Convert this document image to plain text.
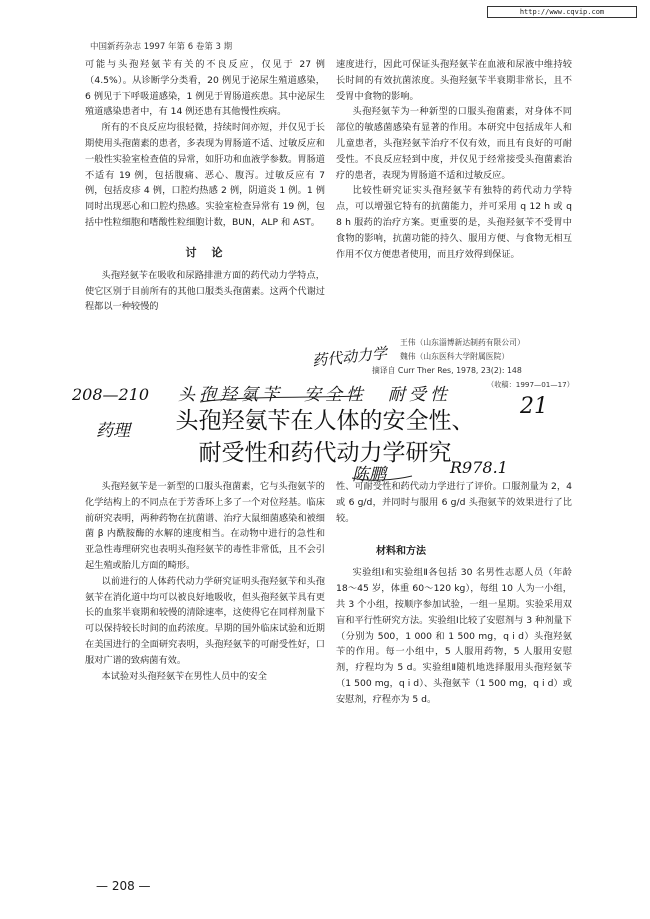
http://www.cqvip.com
中国新药杂志 1997 年第 6 卷第 3 期

可能与头孢羟氨苄有关的不良反应，仅见于 27 例（4.5%）。从诊断学分类看，20 例见于泌尿生殖道感染，6 例见于下呼吸道感染，1 例见于胃肠道疾患。其中泌尿生殖道感染患者中，有 14 例还患有其他慢性疾病。

所有的不良反应均很轻微，持续时间亦短，并仅见于长期使用头孢菌素的患者，多表现为胃肠道不适、过敏反应和一般性实验室检查值的异常，如肝功和血液学参数。胃肠道不适有 19 例，包括腹痛、恶心、腹泻。过敏反应有 7 例，包括皮疹 4 例，口腔灼热感 2 例，阴道炎 1 例。1 例同时出现恶心和口腔灼热感。实验室检查异常有 19 例，包括中性粒细胞和嗜酸性粒细胞计数，BUN，ALP 和 AST。

讨　论

头孢羟氨苄在吸收和尿路排泄方面的药代动力学特点，使它区别于目前所有的其他口服类头孢菌素。这两个代谢过程都以一种较慢的

速度进行，因此可保证头孢羟氨苄在血液和尿液中维持较长时间的有效抗菌浓度。头孢羟氨苄半衰期非常长，且不受胃中食物的影响。

头孢羟氨苄为一种新型的口服头孢菌素，对身体不同部位的敏感菌感染有显著的作用。本研究中包括成年人和儿童患者，头孢羟氨苄治疗不仅有效，而且有良好的可耐受性。不良反应轻到中度，并仅见于经常接受头孢菌素治疗的患者，表现为胃肠道不适和过敏反应。

比较性研究证实头孢羟氨苄有独特的药代动力学特点，可以增强它特有的抗菌能力，并可采用 q 12 h 或 q 8 h 服药的治疗方案。更重要的是，头孢羟氨苄不受胃中食物的影响，抗菌功能的持久、服用方便、与食物无相互作用不仅方便患者使用，而且疗效得到保证。

王伟（山东淄博新达制药有限公司）
魏伟（山东医科大学附属医院）
摘译自 Curr Ther Res, 1978, 23(2): 148
（收稿：1997—01—17）
药代动力学
208—210 头孢羟氨苄　安全性　耐受性	21
药理
陈鹏	R978.1
头孢羟氨苄在人体的安全性、
耐受性和药代动力学研究

头孢羟氨苄是一新型的口服头孢菌素，它与头孢氨苄的化学结构上的不同点在于芳香环上多了一个对位羟基。临床前研究表明，两种药物在抗菌谱、治疗大鼠细菌感染和被细菌 β 内酰胺酶的水解的速度相当。在动物中进行的急性和亚急性毒理研究也表明头孢羟氨苄的毒性非常低，且不会引起生殖或胎儿方面的畸形。

以前进行的人体药代动力学研究证明头孢羟氨苄和头孢氨苄在消化道中均可以被良好地吸收，但头孢羟氨苄具有更长的血浆半衰期和较慢的清除速率，这使得它在同样剂量下可以保持较长时间的血药浓度。早期的国外临床试验和近期在美国进行的全面研究表明，头孢羟氨苄的可耐受性好，口服对广谱的致病菌有效。

本试验对头孢羟氨苄在男性人员中的安全

性、可耐受性和药代动力学进行了评价。口服剂量为 2，4 或 6 g/d，并同时与服用 6 g/d 头孢氨苄的效果进行了比较。

材料和方法

实验组Ⅰ和实验组Ⅱ各包括 30 名男性志愿人员（年龄 18～45 岁，体重 60～120 kg），每组 10 人为一小组，共 3 个小组，按顺序参加试验，一组一星期。实验采用双盲和平行性研究方法。实验组Ⅰ比较了安慰剂与 3 种剂量下（分别为 500，1 000 和 1 500 mg，q i d）头孢羟氨苄的作用。每一小组中，5 人服用药物，5 人服用安慰剂，疗程均为 5 d。实验组Ⅱ随机地选择服用头孢羟氨苄（1 500 mg，q i d）、头孢氨苄（1 500 mg，q i d）或安慰剂，疗程亦为 5 d。

— 208 —
